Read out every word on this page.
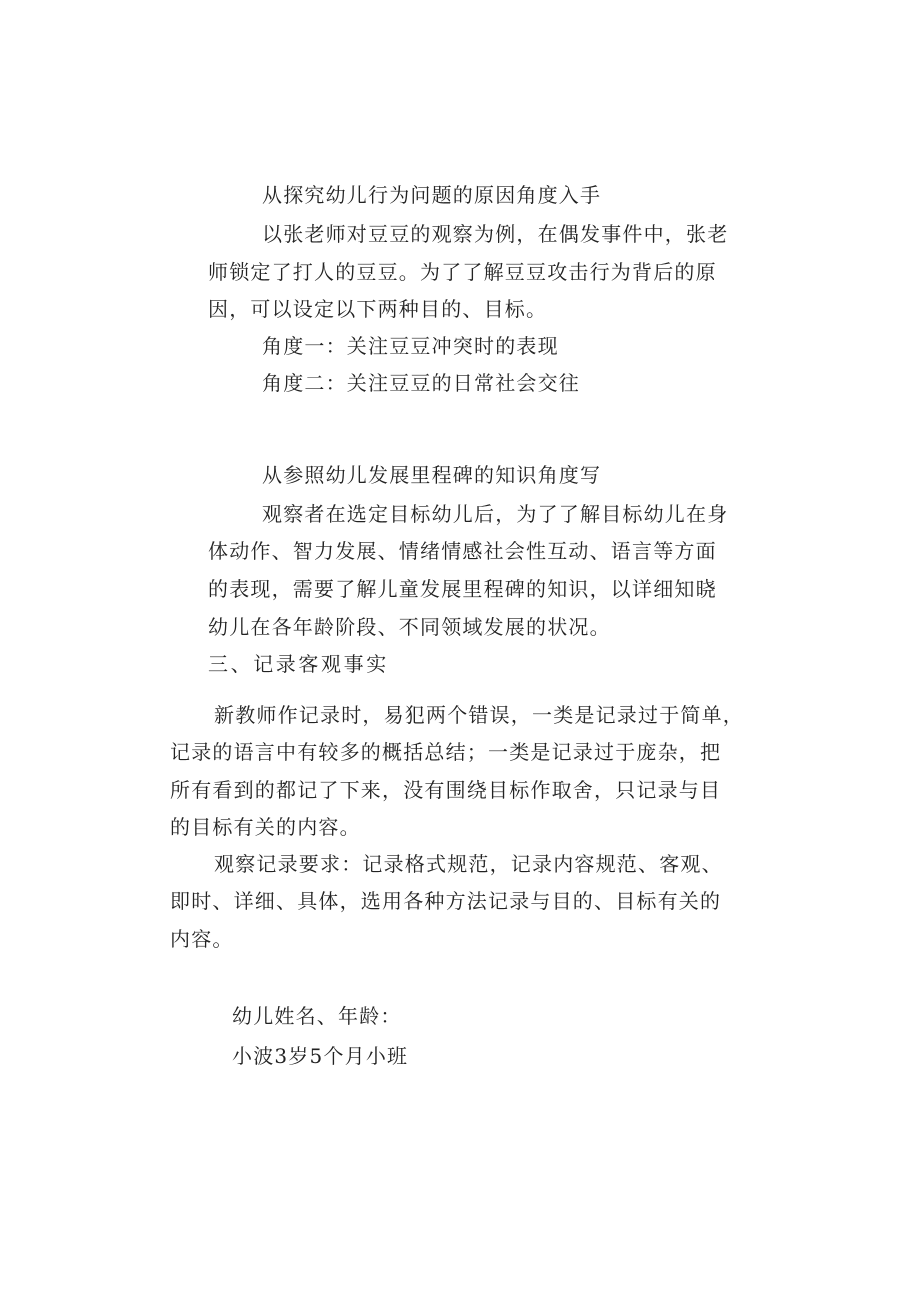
从探究幼儿行为问题的原因角度入手

以张老师对豆豆的观察为例，在偶发事件中，张老

师锁定了打人的豆豆。为了了解豆豆攻击行为背后的原

因，可以设定以下两种目的、目标。

角度一：关注豆豆冲突时的表现

角度二：关注豆豆的日常社会交往

从参照幼儿发展里程碑的知识角度写

观察者在选定目标幼儿后，为了了解目标幼儿在身

体动作、智力发展、情绪情感社会性互动、语言等方面

的表现，需要了解儿童发展里程碑的知识，以详细知晓

幼儿在各年龄阶段、不同领域发展的状况。

三、记录客观事实

新教师作记录时，易犯两个错误，一类是记录过于简单，

记录的语言中有较多的概括总结；一类是记录过于庞杂，把

所有看到的都记了下来，没有围绕目标作取舍，只记录与目

的目标有关的内容。

观察记录要求：记录格式规范，记录内容规范、客观、

即时、详细、具体，选用各种方法记录与目的、目标有关的

内容。

幼儿姓名、年龄：

小波3岁5个月小班
